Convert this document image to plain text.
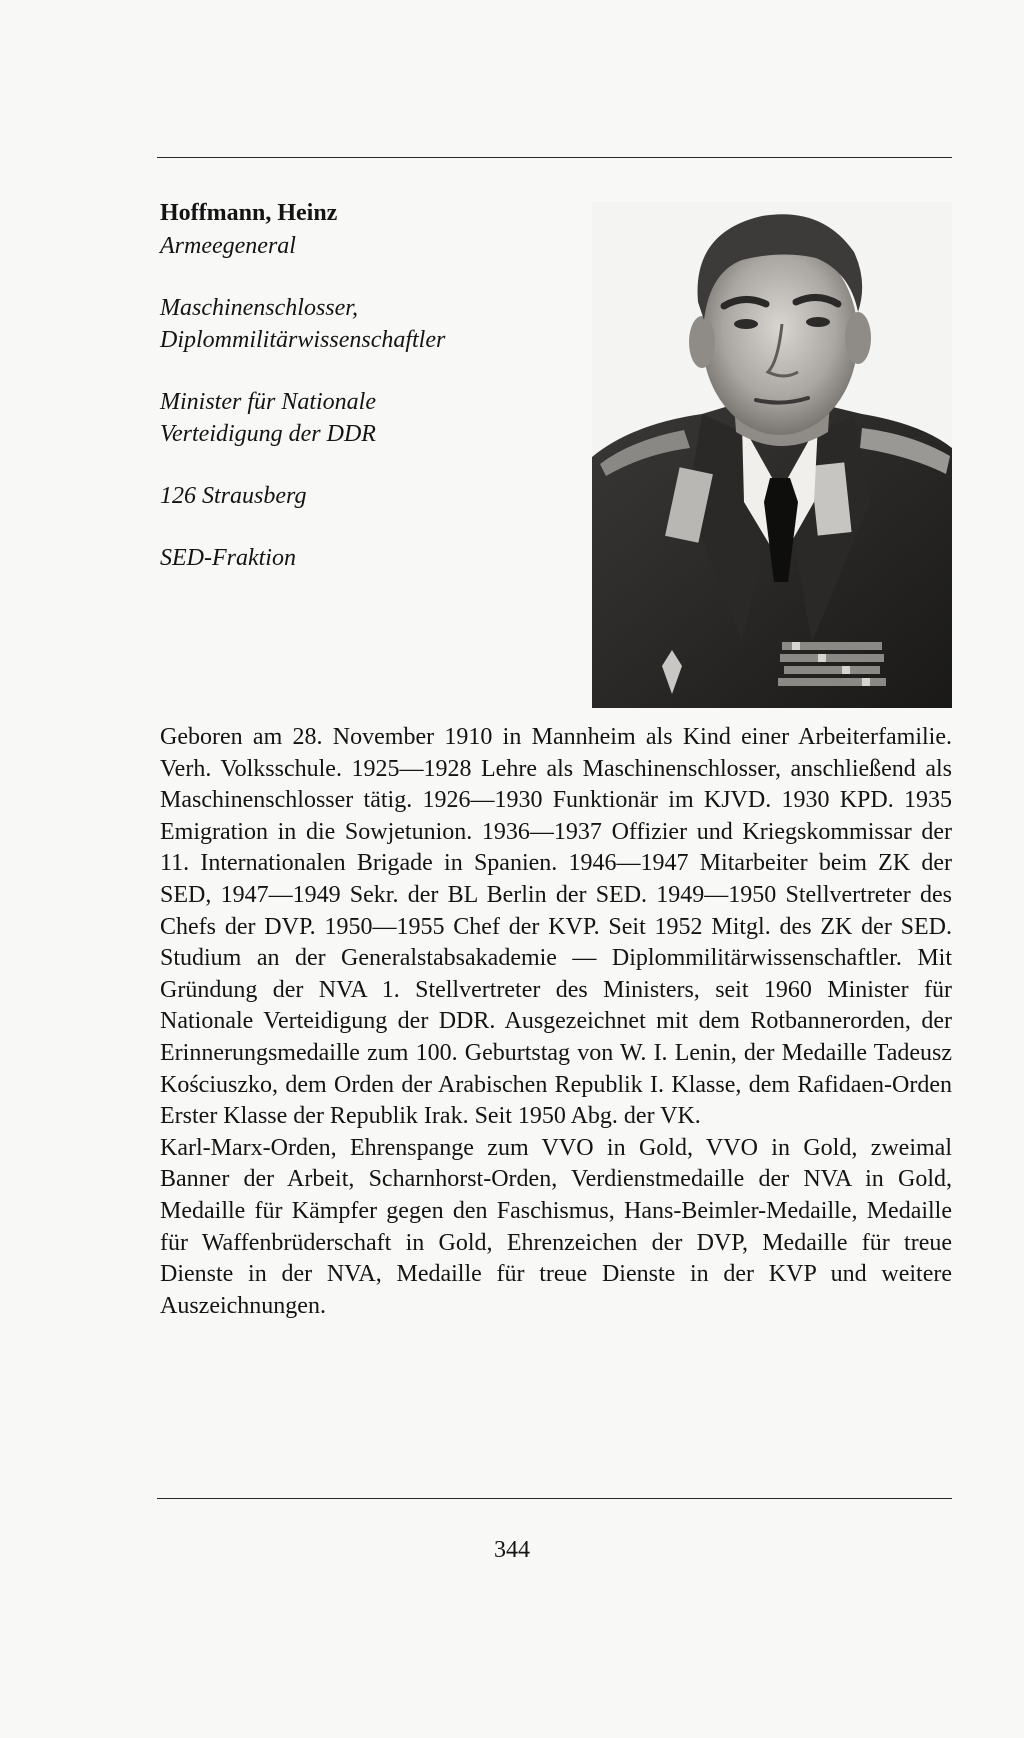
Hoffmann, Heinz

Armeegeneral

Maschinenschlosser,

Diplommilitärwissenschaftler

Minister für Nationale

Verteidigung der DDR

126 Strausberg

SED-Fraktion

Geboren am 28. November 1910 in Mannheim als Kind einer Arbeiterfamilie. Verh. Volksschule. 1925—1928 Lehre als Maschinenschlosser, anschließend als Maschinenschlosser tätig. 1926—1930 Funktionär im KJVD. 1930 KPD. 1935 Emigration in die Sowjetunion. 1936—1937 Offizier und Kriegskommissar der 11. Internationalen Brigade in Spanien. 1946—1947 Mitarbeiter beim ZK der SED, 1947—1949 Sekr. der BL Berlin der SED. 1949—1950 Stellvertreter des Chefs der DVP. 1950—1955 Chef der KVP. Seit 1952 Mitgl. des ZK der SED. Studium an der Generalstabsakademie — Diplommilitärwissenschaftler. Mit Gründung der NVA 1. Stellvertreter des Ministers, seit 1960 Minister für Nationale Verteidigung der DDR. Ausgezeichnet mit dem Rotbannerorden, der Erinnerungsmedaille zum 100. Geburtstag von W. I. Lenin, der Medaille Tadeusz Kościuszko, dem Orden der Arabischen Republik I. Klasse, dem Rafidaen-Orden Erster Klasse der Republik Irak. Seit 1950 Abg. der VK.

Karl-Marx-Orden, Ehrenspange zum VVO in Gold, VVO in Gold, zweimal Banner der Arbeit, Scharnhorst-Orden, Verdienstmedaille der NVA in Gold, Medaille für Kämpfer gegen den Faschismus, Hans-Beimler-Medaille, Medaille für Waffenbrüderschaft in Gold, Ehrenzeichen der DVP, Medaille für treue Dienste in der NVA, Medaille für treue Dienste in der KVP und weitere Auszeichnungen.

344
